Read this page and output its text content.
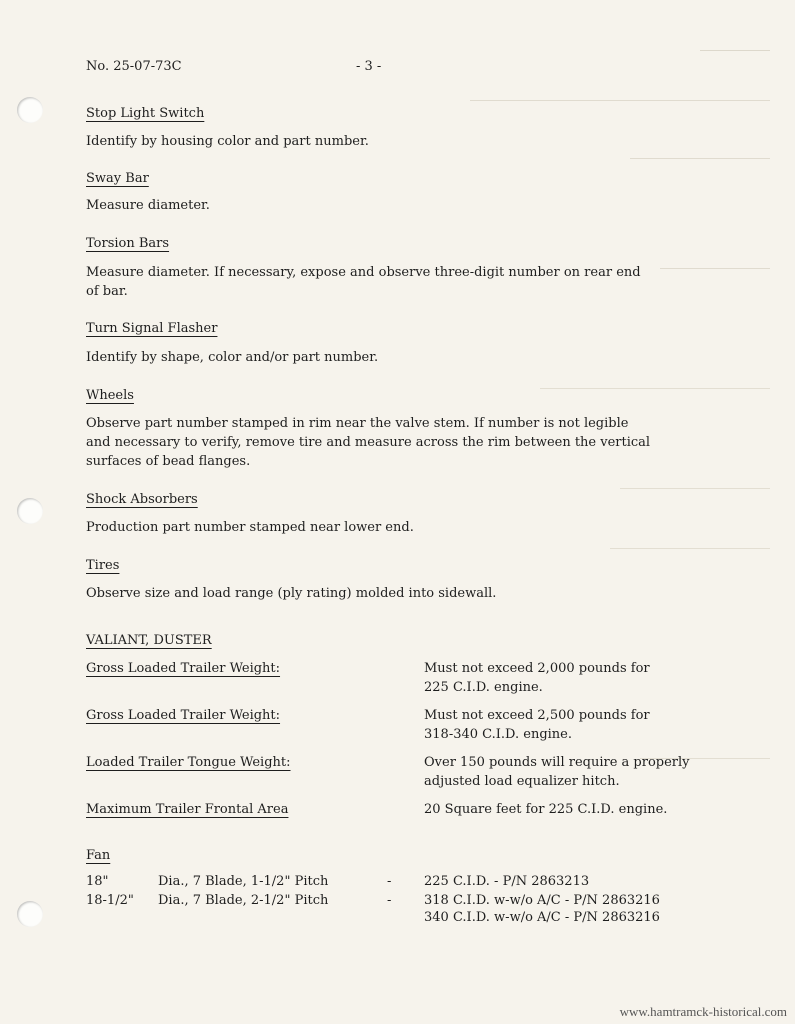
No. 25-07-73C	- 3 -
Stop Light Switch
Identify by housing color and part number.
Sway Bar
Measure diameter.
Torsion Bars
Measure diameter. If necessary, expose and observe three-digit number on rear end
of bar.
Turn Signal Flasher
Identify by shape, color and/or part number.
Wheels
Observe part number stamped in rim near the valve stem. If number is not legible
and necessary to verify, remove tire and measure across the rim between the vertical
surfaces of bead flanges.
Shock Absorbers
Production part number stamped near lower end.
Tires
Observe size and load range (ply rating) molded into sidewall.
VALIANT, DUSTER
Gross Loaded Trailer Weight:	Must not exceed 2,000 pounds for
225 C.I.D. engine.
Gross Loaded Trailer Weight:	Must not exceed 2,500 pounds for
318-340 C.I.D. engine.
Loaded Trailer Tongue Weight:	Over 150 pounds will require a properly
adjusted load equalizer hitch.
Maximum Trailer Frontal Area	20 Square feet for 225 C.I.D. engine.
Fan
18"	Dia., 7 Blade, 1-1/2" Pitch	-	225 C.I.D. - P/N 2863213
18-1/2" Dia., 7 Blade, 2-1/2" Pitch	-	318 C.I.D. w-w/o A/C - P/N 2863216
340 C.I.D. w-w/o A/C - P/N 2863216
www.hamtramck-historical.com
